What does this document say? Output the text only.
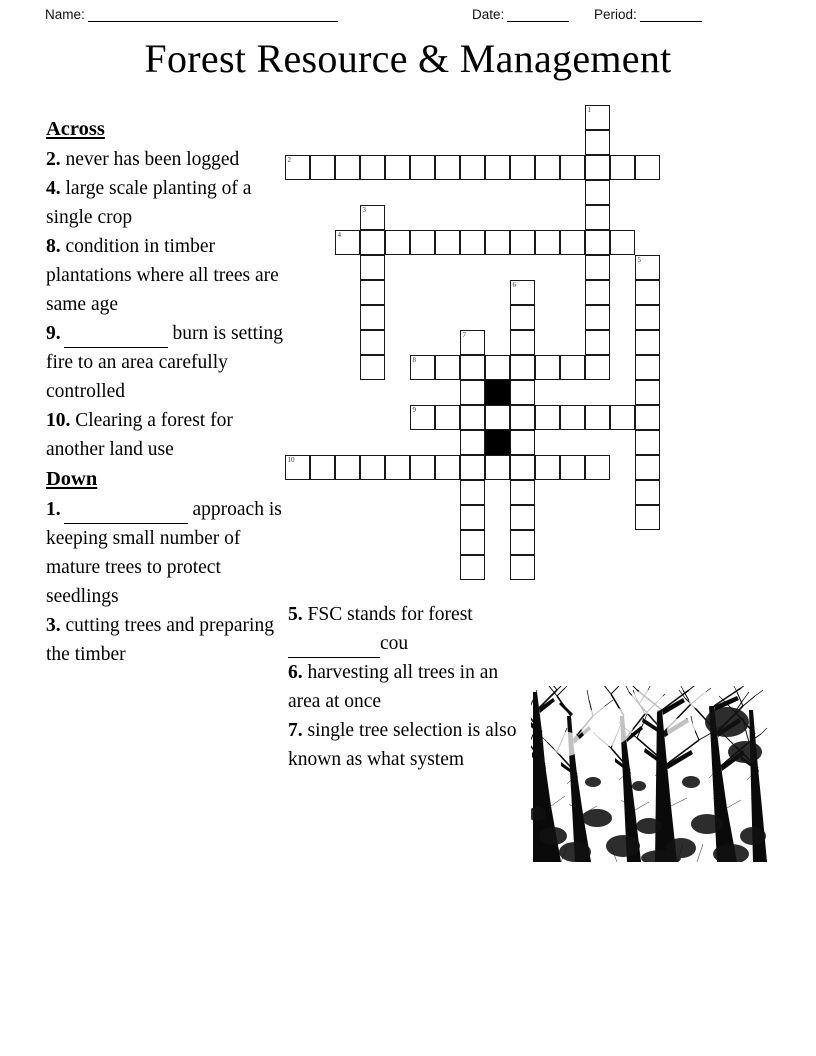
Name:	Date:	Period:
Forest Resource & Management
Across
2. never has been logged
4. large scale planting of a single crop
8. condition in timber plantations where all trees are same age
9.	burn is setting fire to an area carefully controlled
10. Clearing a forest for another land use
Down
1.	approach is keeping small number of mature trees to protect seedlings
3. cutting trees and preparing the timber
5. FSC stands for forestcou
6. harvesting all trees in an area at once
7. single tree selection is also known as what system
1
2
3
4
5
6
7
8
9
10
